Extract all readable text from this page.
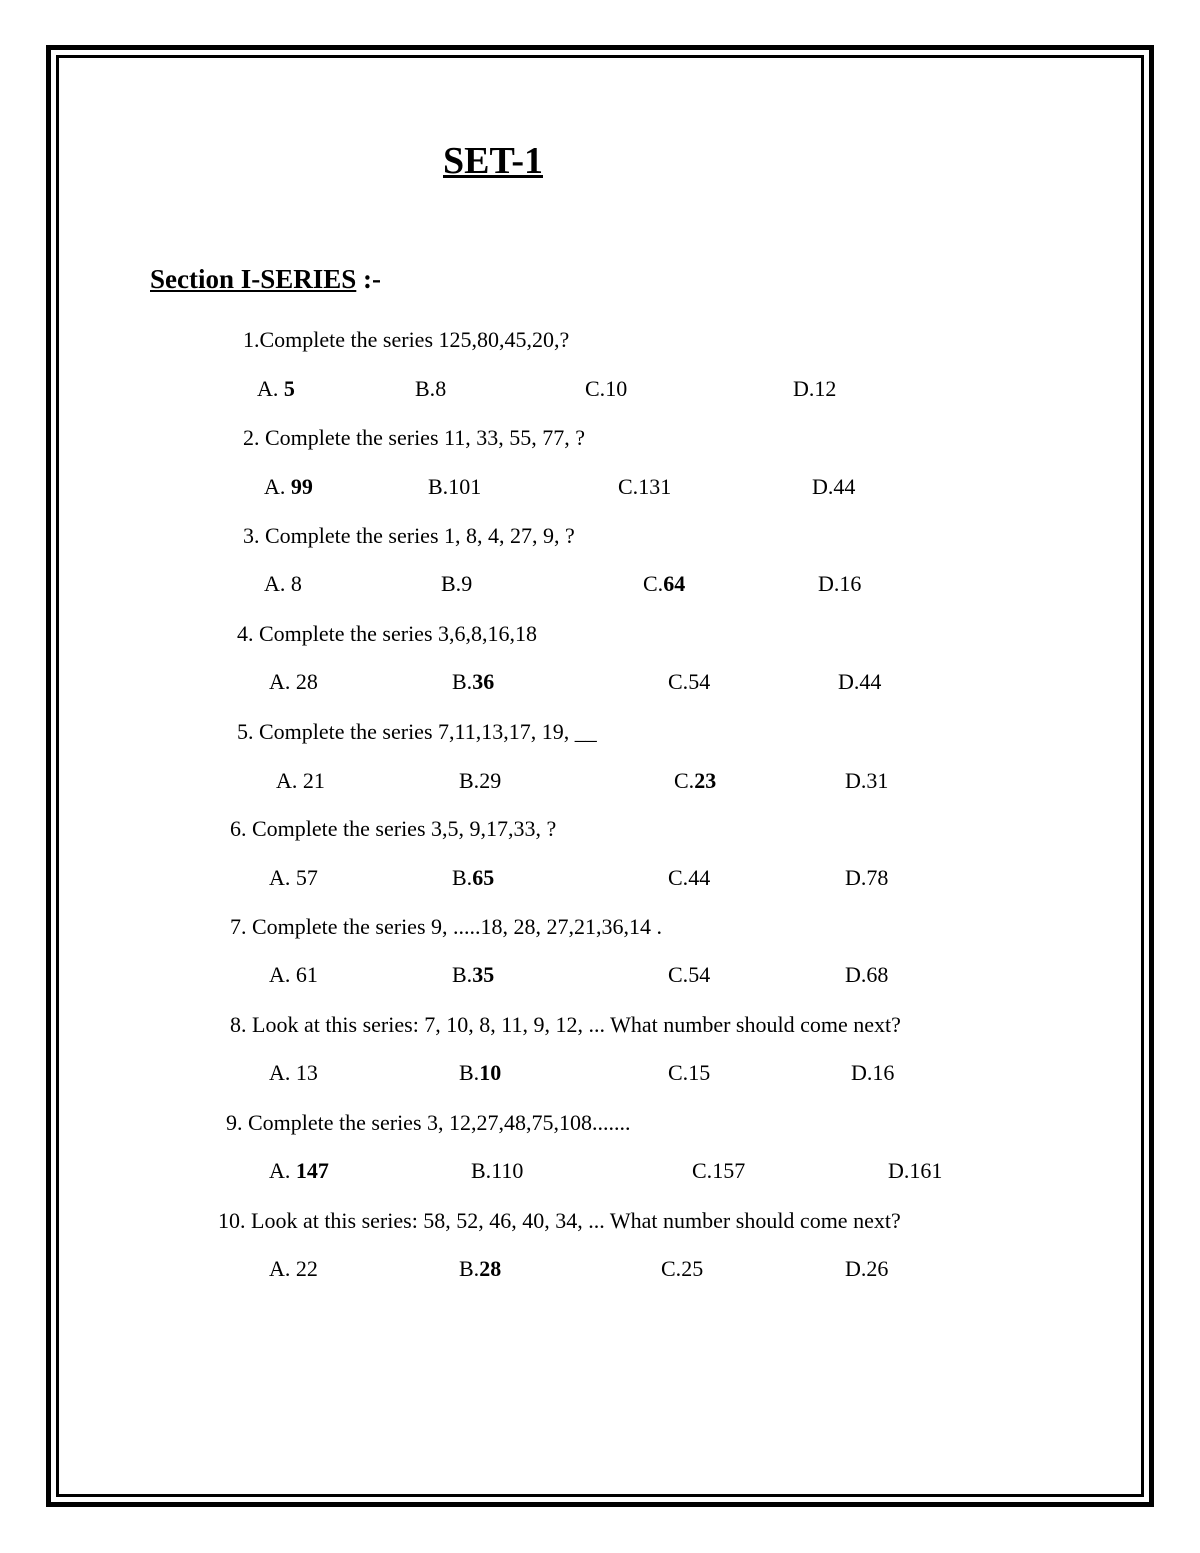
SET-1
Section I-SERIES :-
1.Complete the series 125,80,45,20,?
A. 5	B.8	C.10	D.12
2. Complete the series 11, 33, 55, 77, ?
A. 99	B.101	C.131	D.44
3. Complete the series 1, 8, 4, 27, 9, ?
A. 8	B.9	C.64	D.16
4. Complete the series 3,6,8,16,18
A. 28	B.36	C.54	D.44
5. Complete the series 7,11,13,17, 19, __
A. 21	B.29	C.23	D.31
6. Complete the series 3,5, 9,17,33, ?
A. 57	B.65	C.44	D.78
7. Complete the series 9, .....18, 28, 27,21,36,14 .
A. 61	B.35	C.54	D.68
8. Look at this series: 7, 10, 8, 11, 9, 12, ... What number should come next?
A. 13	B.10	C.15	D.16
9. Complete the series 3, 12,27,48,75,108.......
A. 147	B.110	C.157	D.161
10. Look at this series: 58, 52, 46, 40, 34, ... What number should come next?
A. 22	B.28	C.25	D.26
